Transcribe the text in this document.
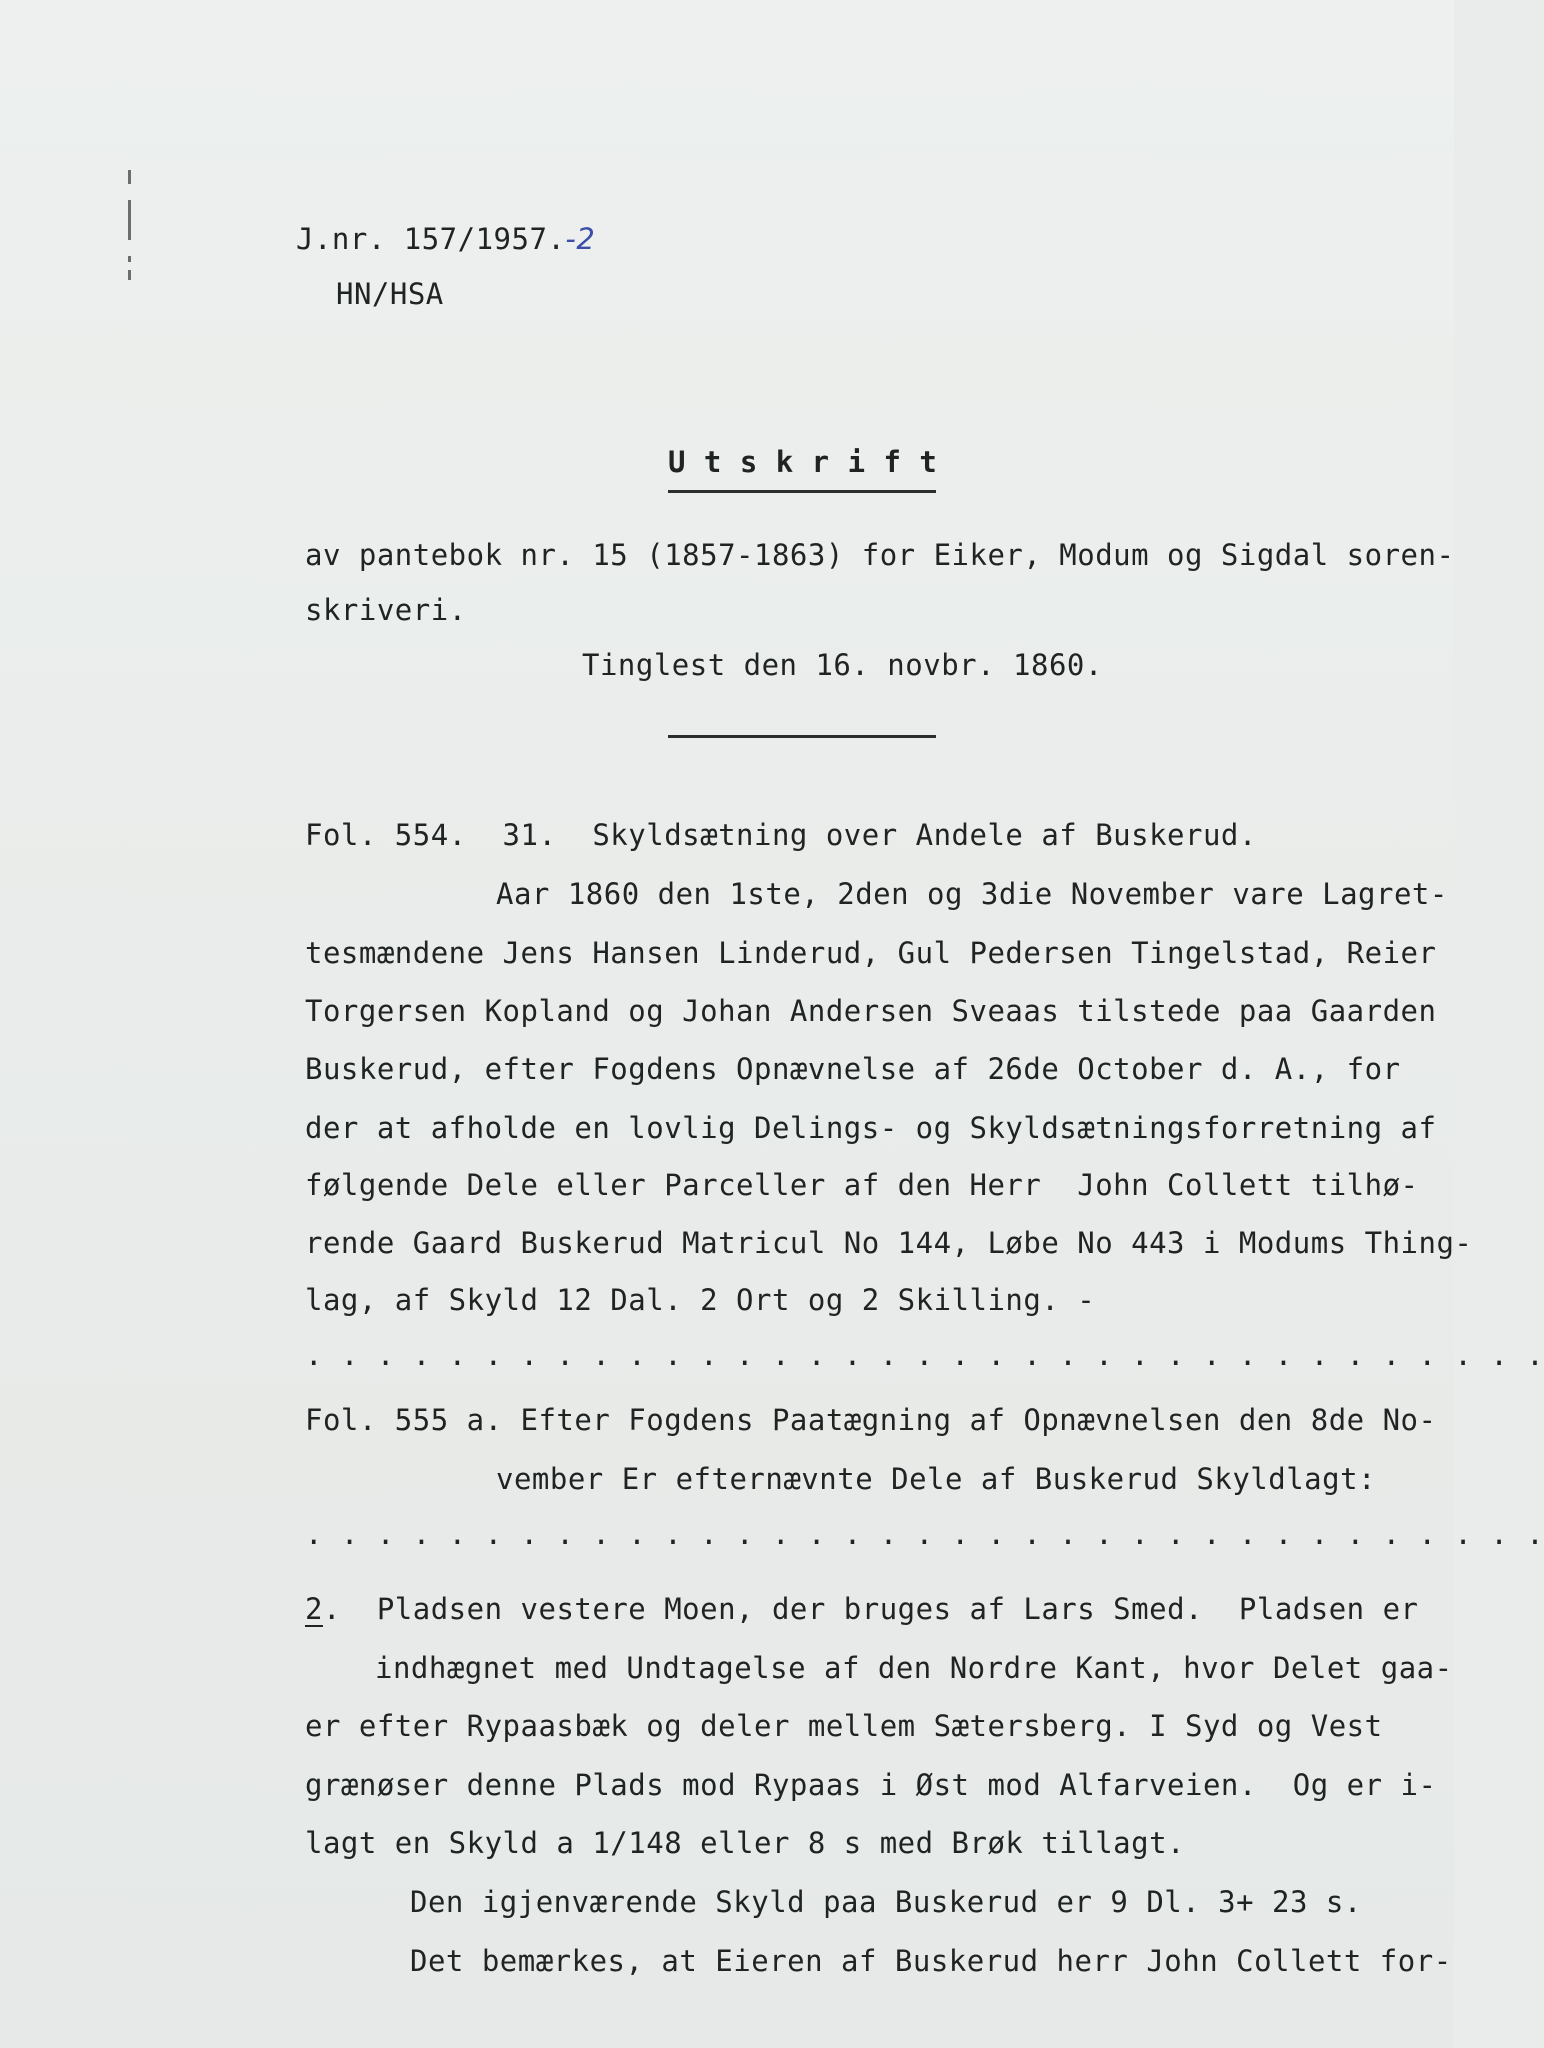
J.nr. 157/1957.-2
HN/HSA
U t s k r i f t
av pantebok nr. 15 (1857-1863) for Eiker, Modum og Sigdal soren-
skriveri.
Tinglest den 16. novbr. 1860.
Fol. 554.  31.  Skyldsætning over Andele af Buskerud.
Aar 1860 den 1ste, 2den og 3die November vare Lagret-
tesmændene Jens Hansen Linderud, Gul Pedersen Tingelstad, Reier
Torgersen Kopland og Johan Andersen Sveaas tilstede paa Gaarden
Buskerud, efter Fogdens Opnævnelse af 26de October d. A., for
der at afholde en lovlig Delings- og Skyldsætningsforretning af
følgende Dele eller Parceller af den Herr  John Collett tilhø-
rende Gaard Buskerud Matricul No 144, Løbe No 443 i Modums Thing-
lag, af Skyld 12 Dal. 2 Ort og 2 Skilling. -
. . . . . . . . . . . . . . . . . . . . . . . . . . . . . . . . . . .
Fol. 555 a. Efter Fogdens Paatægning af Opnævnelsen den 8de No-
vember Er efternævnte Dele af Buskerud Skyldlagt:
. . . . . . . . . . . . . . . . . . . . . . . . . . . . . . . . . . .
2.  Pladsen vestere Moen, der bruges af Lars Smed.  Pladsen er
indhægnet med Undtagelse af den Nordre Kant, hvor Delet gaa-
er efter Rypaasbæk og deler mellem Sætersberg. I Syd og Vest
grænøser denne Plads mod Rypaas i Øst mod Alfarveien.  Og er i-
lagt en Skyld a 1/148 eller 8 s med Brøk tillagt.
Den igjenværende Skyld paa Buskerud er 9 Dl. 3+ 23 s.
Det bemærkes, at Eieren af Buskerud herr John Collett for-
